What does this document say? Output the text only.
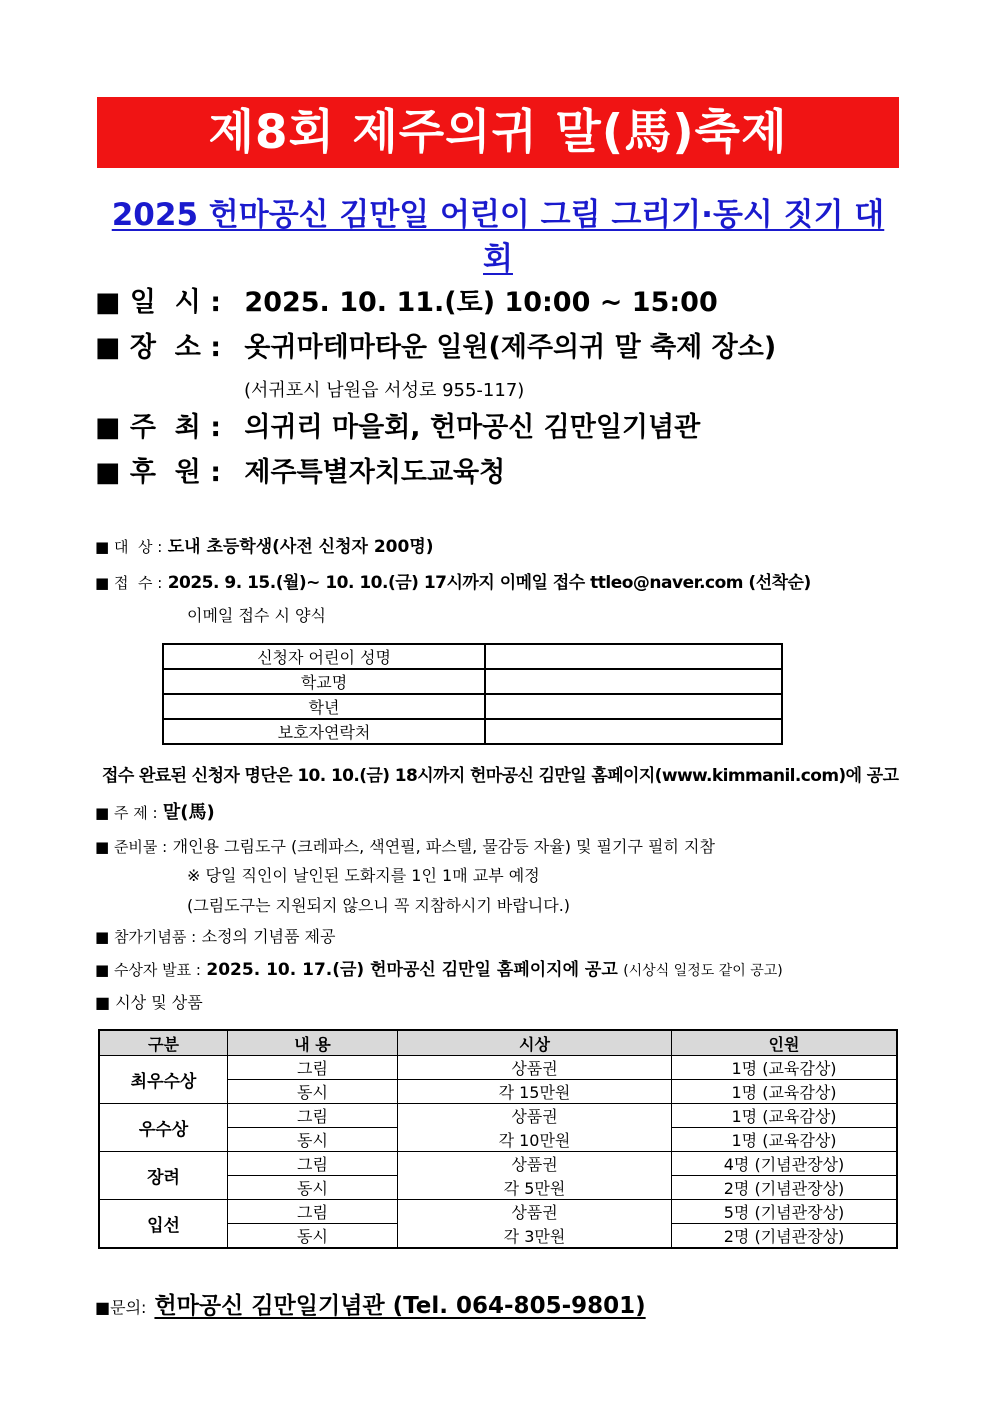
제8회 제주의귀 말(馬)축제
2025 헌마공신 김만일 어린이 그림 그리기·동시 짓기 대회
■ 일  시 : 2025. 10. 11.(토) 10:00 ~ 15:00
■ 장  소 : 옷귀마테마타운 일원(제주의귀 말 축제 장소)
(서귀포시 남원읍 서성로 955-117)
■ 주  최 : 의귀리 마을회, 헌마공신 김만일기념관
■ 후  원 : 제주특별자치도교육청
■ 대  상 : 도내 초등학생(사전 신청자 200명)
■ 접  수 : 2025. 9. 15.(월)~ 10. 10.(금) 17시까지 이메일 접수 ttleo@naver.com (선착순)
이메일 접수 시 양식
신청자 어린이 성명	
학교명	
학년	
보호자연락처	
접수 완료된 신청자 명단은 10. 10.(금) 18시까지 헌마공신 김만일 홈페이지(www.kimmanil.com)에 공고
■ 주 제 : 말(馬)
■ 준비물 : 개인용 그림도구 (크레파스, 색연필, 파스텔, 물감등 자율) 및 필기구 필히 지참
※ 당일 직인이 날인된 도화지를 1인 1매 교부 예정
(그림도구는 지원되지 않으니 꼭 지참하시기 바랍니다.)
■ 참가기념품 : 소정의 기념품 제공
■ 수상자 발표 : 2025. 10. 17.(금) 헌마공신 김만일 홈페이지에 공고 (시상식 일정도 같이 공고)
■ 시상 및 상품
구분	내 용	시상	인원
최우수상	그림	상품권	1명 (교육감상)
	동시	각 15만원	1명 (교육감상)
우수상	그림	상품권	1명 (교육감상)
	동시	각 10만원	1명 (교육감상)
장려	그림	상품권	4명 (기념관장상)
	동시	각 5만원	2명 (기념관장상)
입선	그림	상품권	5명 (기념관장상)
	동시	각 3만원	2명 (기념관장상)
■문의: 헌마공신 김만일기념관 (Tel. 064-805-9801)
